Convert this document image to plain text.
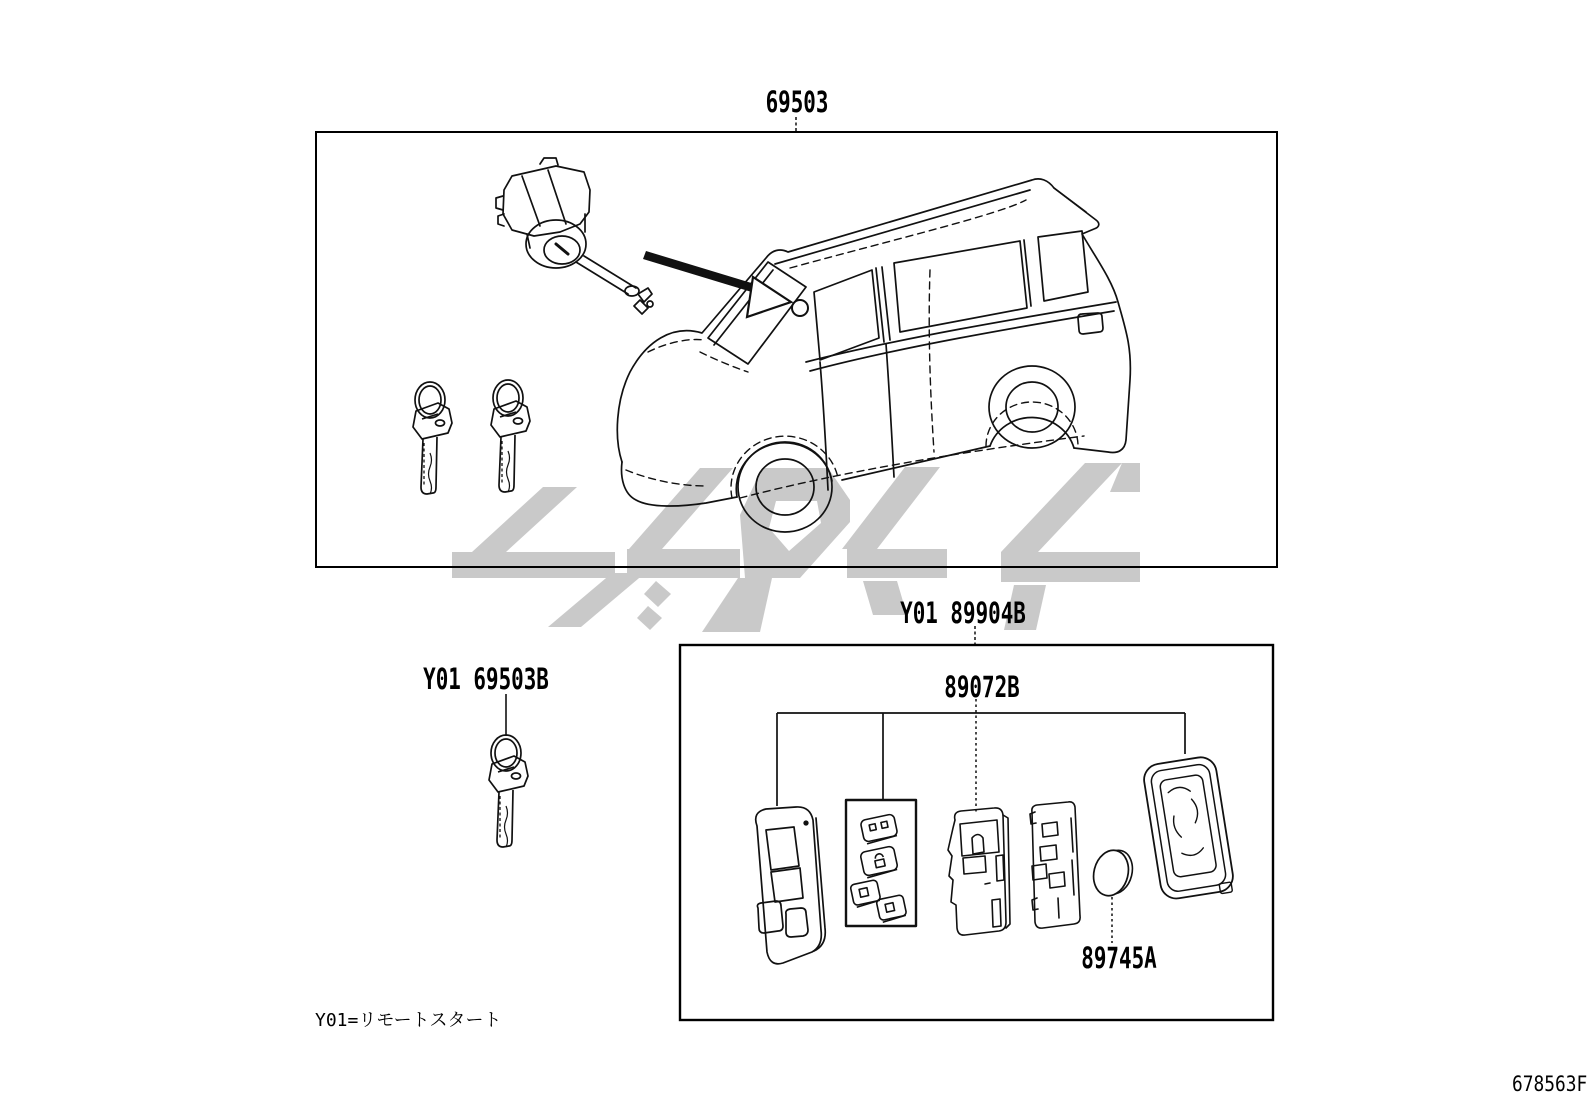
69503
Y01 89904B
89072B
89745A
Y01 69503B
Y01=リモートスタート
678563F
